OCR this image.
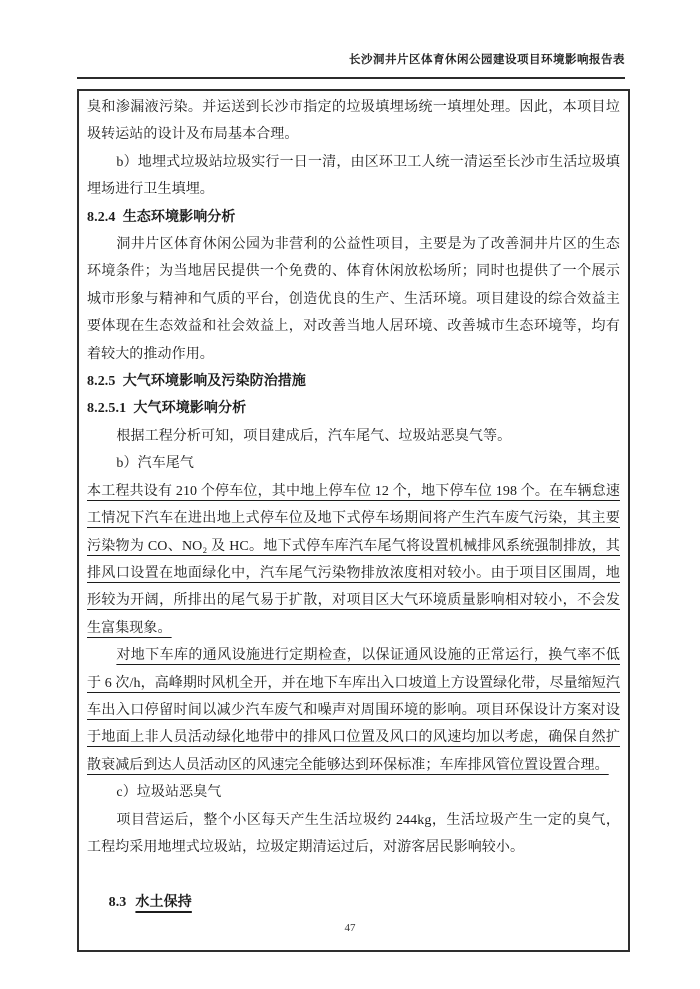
长沙洞井片区体育休闲公园建设项目环境影响报告表

臭和渗漏液污染。并运送到长沙市指定的垃圾填埋场统一填埋处理。因此，本项目垃圾转运站的设计及布局基本合理。

b）地埋式垃圾站垃圾实行一日一清，由区环卫工人统一清运至长沙市生活垃圾填埋场进行卫生填埋。

8.2.4  生态环境影响分析

洞井片区体育休闲公园为非营利的公益性项目，主要是为了改善洞井片区的生态环境条件；为当地居民提供一个免费的、体育休闲放松场所；同时也提供了一个展示城市形象与精神和气质的平台，创造优良的生产、生活环境。项目建设的综合效益主要体现在生态效益和社会效益上，对改善当地人居环境、改善城市生态环境等，均有着较大的推动作用。

8.2.5  大气环境影响及污染防治措施

8.2.5.1  大气环境影响分析

根据工程分析可知，项目建成后，汽车尾气、垃圾站恶臭气等。

b）汽车尾气

本工程共设有 210 个停车位，其中地上停车位 12 个，地下停车位 198 个。在车辆怠速工情况下汽车在进出地上式停车位及地下式停车场期间将产生汽车废气污染，其主要污染物为 CO、NO₂ 及 HC。地下式停车库汽车尾气将设置机械排风系统强制排放，其排风口设置在地面绿化中，汽车尾气污染物排放浓度相对较小。由于项目区围周，地形较为开阔，所排出的尾气易于扩散，对项目区大气环境质量影响相对较小，不会发生富集现象。

对地下车库的通风设施进行定期检查，以保证通风设施的正常运行，换气率不低于 6 次/h，高峰期时风机全开，并在地下车库出入口坡道上方设置绿化带，尽量缩短汽车出入口停留时间以减少汽车废气和噪声对周围环境的影响。项目环保设计方案对设于地面上非人员活动绿化地带中的排风口位置及风口的风速均加以考虑，确保自然扩散衰减后到达人员活动区的风速完全能够达到环保标准；车库排风管位置设置合理。

c）垃圾站恶臭气

项目营运后，整个小区每天产生生活垃圾约 244kg，生活垃圾产生一定的臭气，工程均采用地埋式垃圾站，垃圾定期清运过后，对游客居民影响较小。

8.3 水土保持

47
